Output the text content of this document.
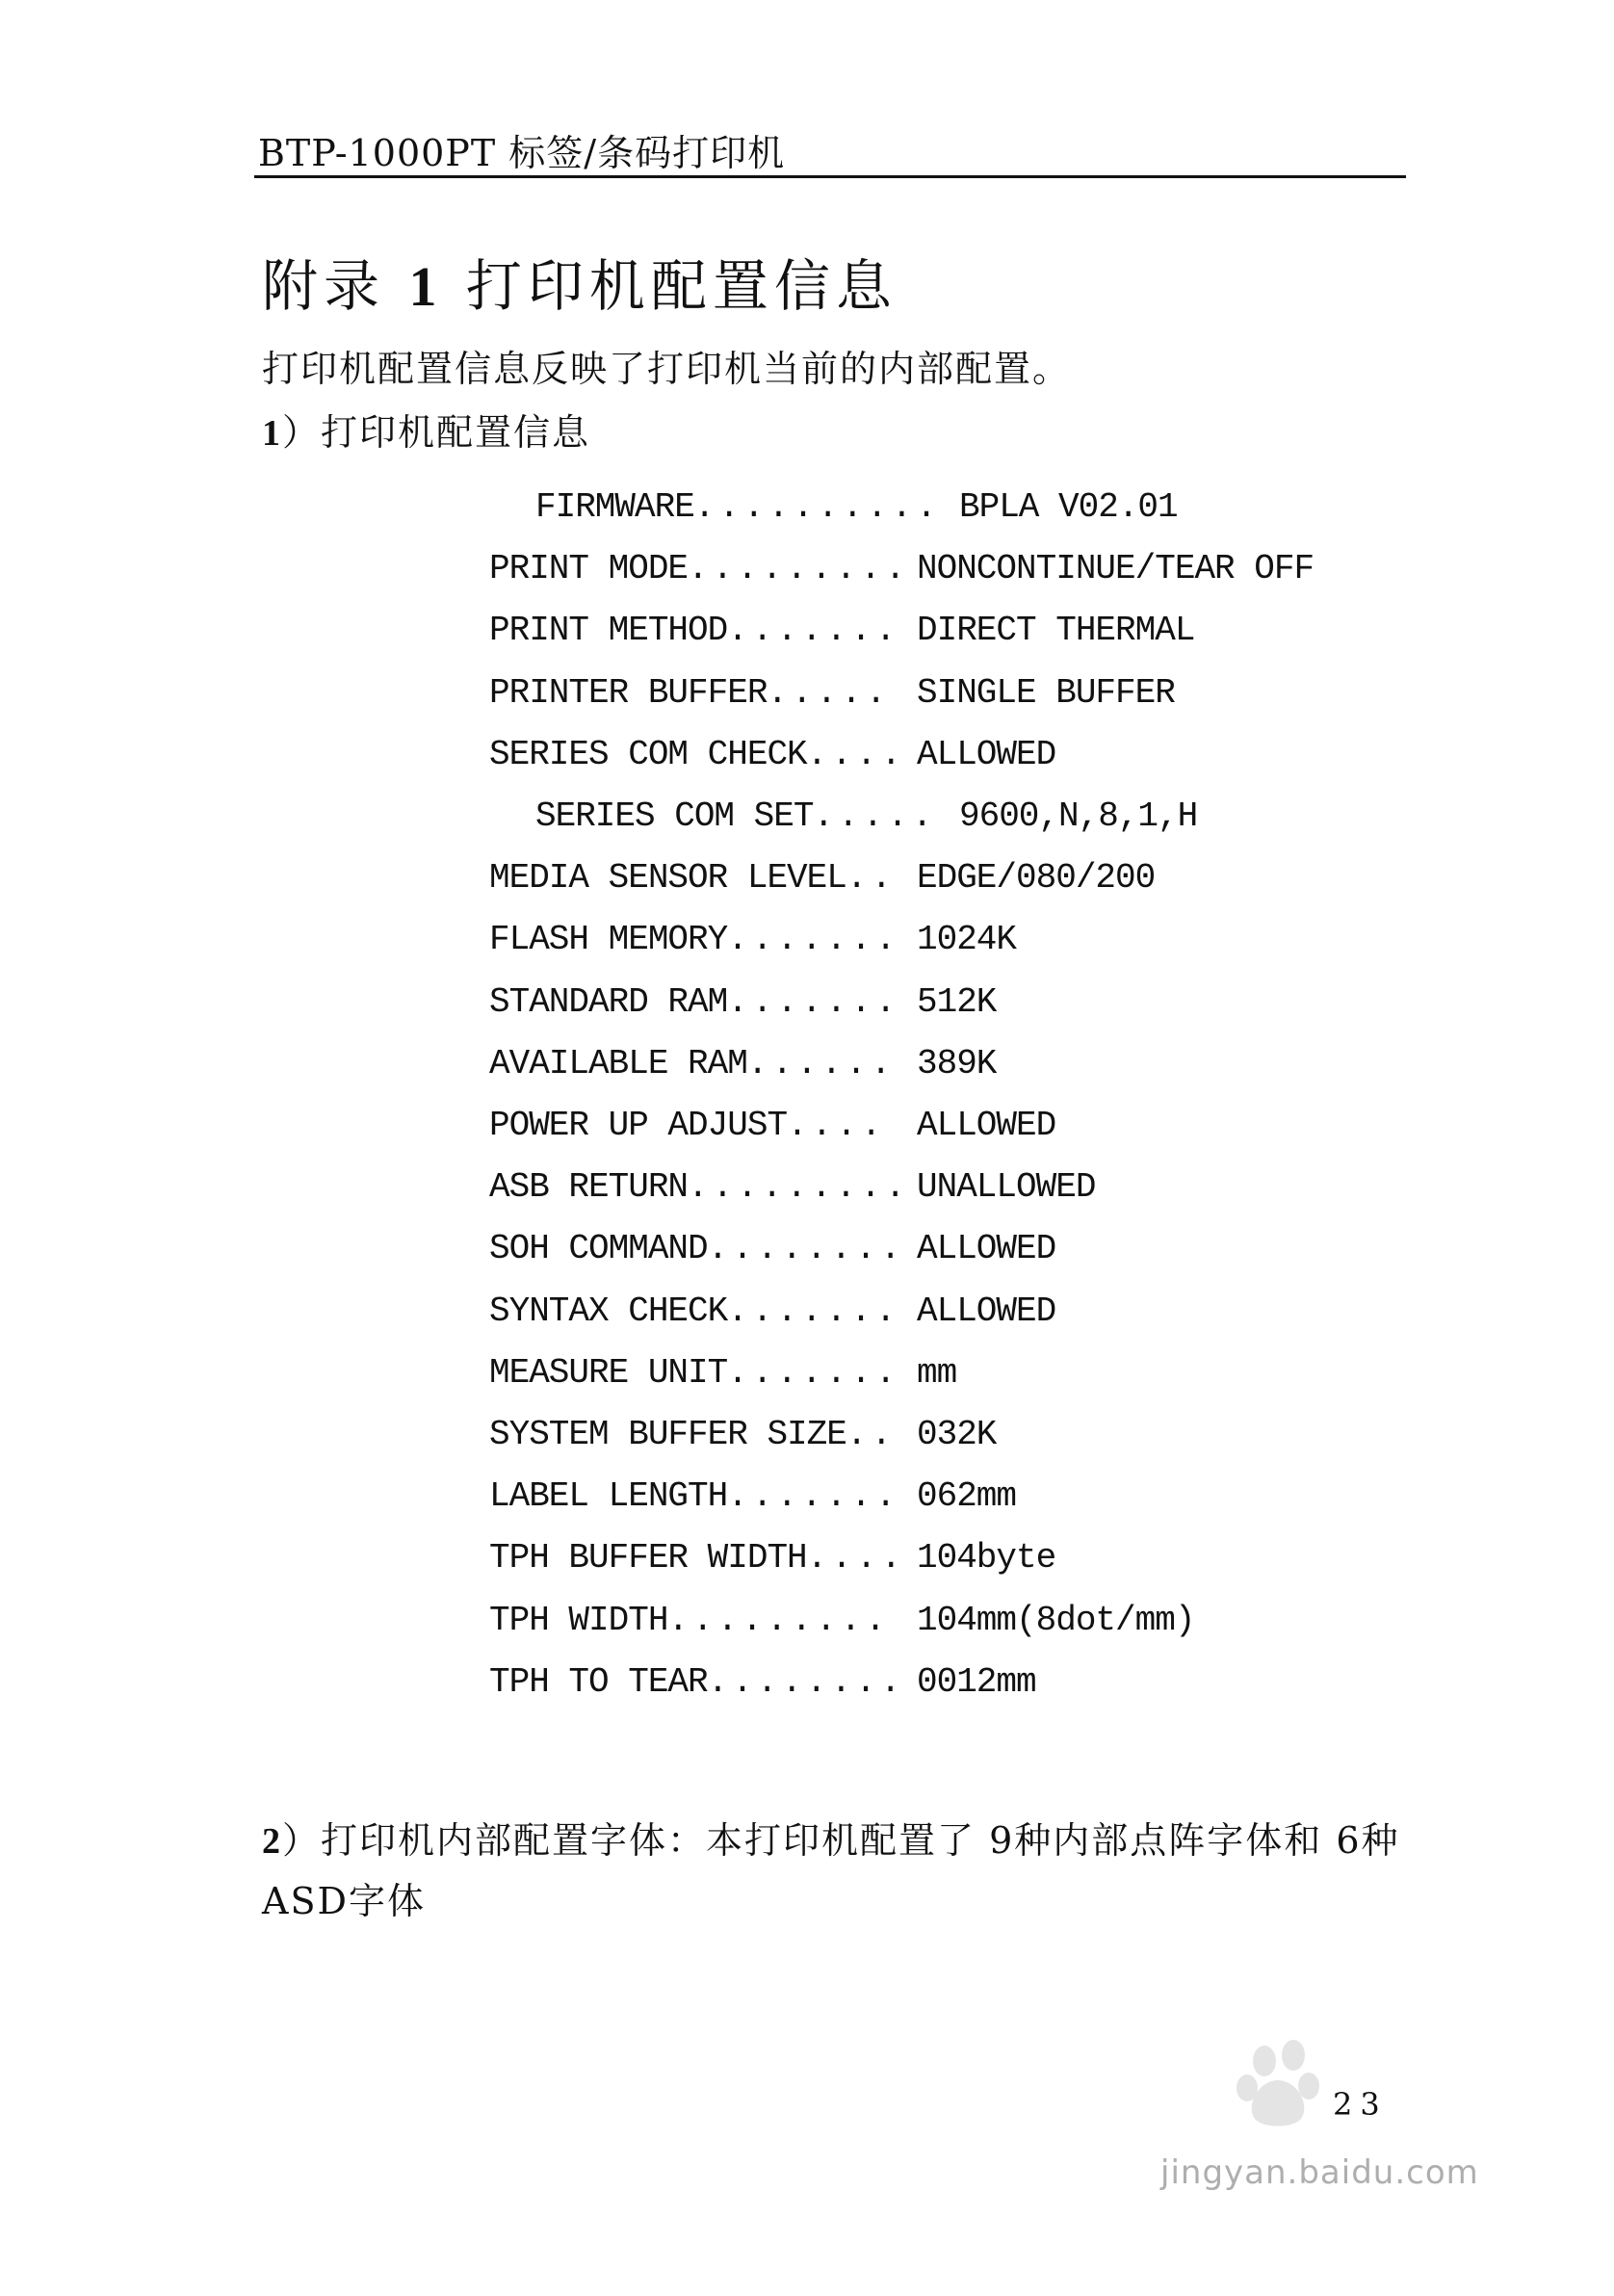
BTP-1000PT 标签/条码打印机
附录 1 打印机配置信息
打印机配置信息反映了打印机当前的内部配置。
1）打印机配置信息
FIRMWARE.......... BPLA V02.01
PRINT MODE......... NONCONTINUE/TEAR OFF
PRINT METHOD....... DIRECT THERMAL
PRINTER BUFFER..... SINGLE BUFFER
SERIES COM CHECK.... ALLOWED
SERIES COM SET..... 9600,N,8,1,H
MEDIA SENSOR LEVEL.. EDGE/080/200
FLASH MEMORY....... 1024K
STANDARD RAM....... 512K
AVAILABLE RAM...... 389K
POWER UP ADJUST.... ALLOWED
ASB RETURN......... UNALLOWED
SOH COMMAND........ ALLOWED
SYNTAX CHECK....... ALLOWED
MEASURE UNIT....... mm
SYSTEM BUFFER SIZE.. 032K
LABEL LENGTH....... 062mm
TPH BUFFER WIDTH.... 104byte
TPH WIDTH......... 104mm(8dot/mm)
TPH TO TEAR........ 0012mm
2）打印机内部配置字体：本打印机配置了 9种内部点阵字体和 6种 ASD字体
jingyan.baidu.com
23
